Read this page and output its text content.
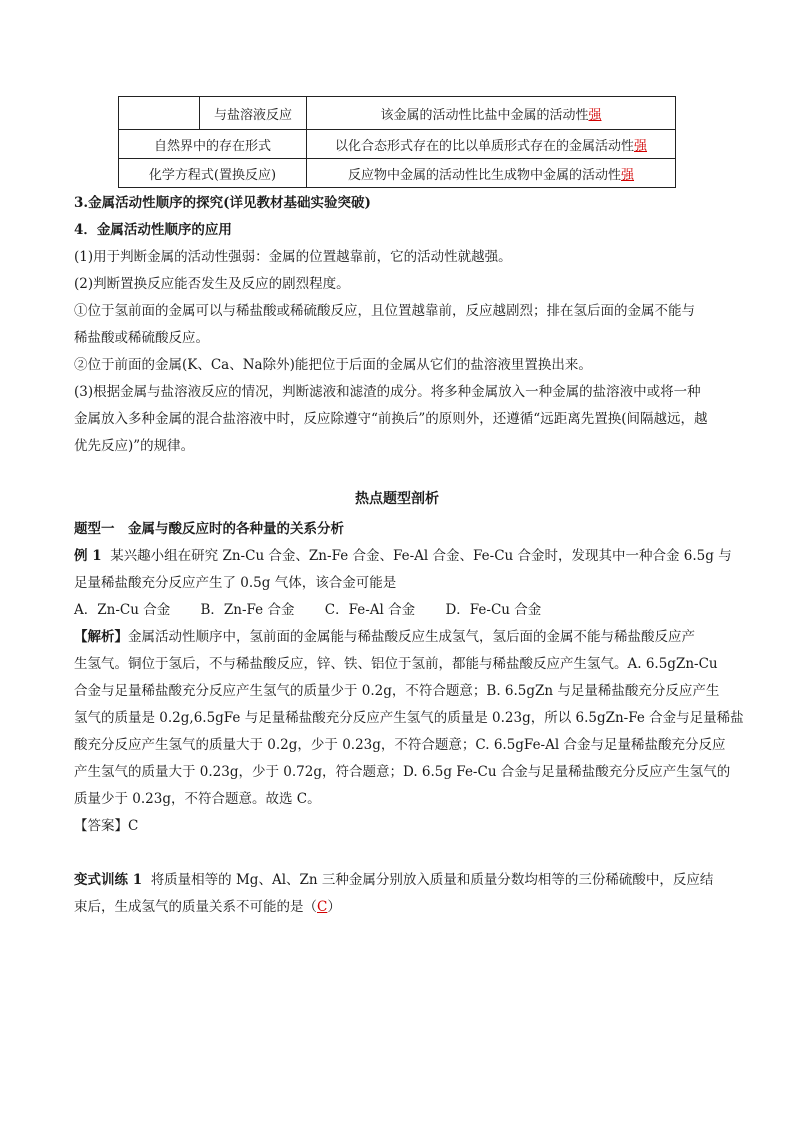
	与盐溶液反应	该金属的活动性比盐中金属的活动性强
自然界中的存在形式		以化合态形式存在的比以单质形式存在的金属活动性强
化学方程式(置换反应)		反应物中金属的活动性比生成物中金属的活动性强
3.金属活动性顺序的探究(详见教材基础实验突破)
4．金属活动性顺序的应用
(1)用于判断金属的活动性强弱：金属的位置越靠前，它的活动性就越强。
(2)判断置换反应能否发生及反应的剧烈程度。
①位于氢前面的金属可以与稀盐酸或稀硫酸反应，且位置越靠前，反应越剧烈；排在氢后面的金属不能与
稀盐酸或稀硫酸反应。
②位于前面的金属(K、Ca、Na除外)能把位于后面的金属从它们的盐溶液里置换出来。
(3)根据金属与盐溶液反应的情况，判断滤液和滤渣的成分。将多种金属放入一种金属的盐溶液中或将一种
金属放入多种金属的混合盐溶液中时，反应除遵守“前换后”的原则外，还遵循“远距离先置换(间隔越远，越
优先反应)”的规律。
热点题型剖析
题型一　金属与酸反应时的各种量的关系分析
例 1 某兴趣小组在研究 Zn-Cu 合金、Zn-Fe 合金、Fe-Al 合金、Fe-Cu 合金时，发现其中一种合金 6.5g 与
足量稀盐酸充分反应产生了 0.5g 气体，该合金可能是
A．Zn-Cu 合金 B．Zn-Fe 合金 C．Fe-Al 合金 D．Fe-Cu 合金
【解析】金属活动性顺序中，氢前面的金属能与稀盐酸反应生成氢气，氢后面的金属不能与稀盐酸反应产
生氢气。铜位于氢后，不与稀盐酸反应，锌、铁、铝位于氢前，都能与稀盐酸反应产生氢气。A. 6.5gZn-Cu
合金与足量稀盐酸充分反应产生氢气的质量少于 0.2g，不符合题意；B. 6.5gZn 与足量稀盐酸充分反应产生
氢气的质量是 0.2g,6.5gFe 与足量稀盐酸充分反应产生氢气的质量是 0.23g，所以 6.5gZn-Fe 合金与足量稀盐
酸充分反应产生氢气的质量大于 0.2g，少于 0.23g，不符合题意；C. 6.5gFe-Al 合金与足量稀盐酸充分反应
产生氢气的质量大于 0.23g，少于 0.72g，符合题意；D. 6.5g Fe-Cu 合金与足量稀盐酸充分反应产生氢气的
质量少于 0.23g，不符合题意。故选 C。
【答案】C
变式训练 1 将质量相等的 Mg、Al、Zn 三种金属分别放入质量和质量分数均相等的三份稀硫酸中，反应结
束后，生成氢气的质量关系不可能的是（C）
